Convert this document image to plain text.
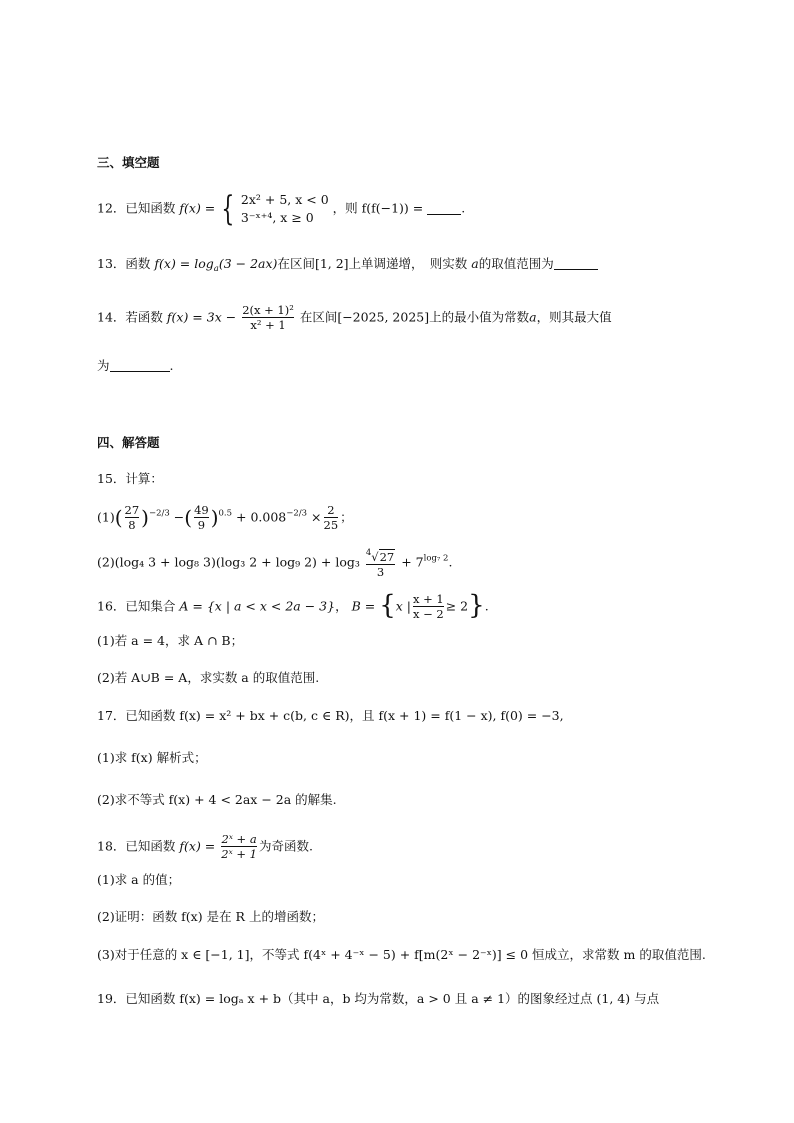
三、填空题
12．已知函数 f(x) = { 2x² + 5, x < 0
3⁻ˣ⁺⁴, x ≥ 0
，则 f(f(−1)) =	.
13．函数 $f(x) = \log_a(3 - 2ax)$在区间[1, 2]上单调递增，　则实数 a的取值范围为
14．若函数 $f(x) = 3x - \frac{\text{2(x + 1)²}}{\text{x² + 1}}$ 在区间[−2025, 2025]上的最小值为常数a，则其最大值
为	.
四、解答题
15．计算：
$(1)( \frac{27}{8} )^{-2/3}$ −( $\frac{49}{9} )^{0.5} + 0.008^{-2/3} \times \frac{2}{25}$ ；
(2)(log₄ 3 + log₈ 3)(log₃ 2 + log₉ $2) + \log_3 \frac{^4√27}{3} + 7^{log_7 2}$.
16．已知集合 A = {x | a < x < 2a − 3}， B = {x | $\frac{x + 1}{x - 2} \ge 2$}.
(1)若 a = 4，求 A ∩ B；
(2)若 A∪B = A，求实数 a 的取值范围.
17．已知函数 f(x) = x² + bx + c(b, c ∈ R)，且 f(x + 1) = f(1 − x), f(0) = −3,
(1)求 f(x) 解析式；
(2)求不等式 f(x) + 4 < 2ax − 2a 的解集.
18．已知函数 $f(x) = \frac{\text{2ˣ + a}}{\text{2ˣ + 1}}$ 为奇函数.
(1)求 a 的值；
(2)证明：函数 f(x) 是在 R 上的增函数；
(3)对于任意的 x ∈ [−1, 1]，不等式 f(4ˣ + 4⁻ˣ − 5) + f[m(2ˣ − 2⁻ˣ)] ≤ 0 恒成立，求常数 m 的取值范围.
19．已知函数 f(x) = logₐ x + b（其中 a，b 均为常数，a > 0 且 a ≠ 1）的图象经过点 (1, 4) 与点
